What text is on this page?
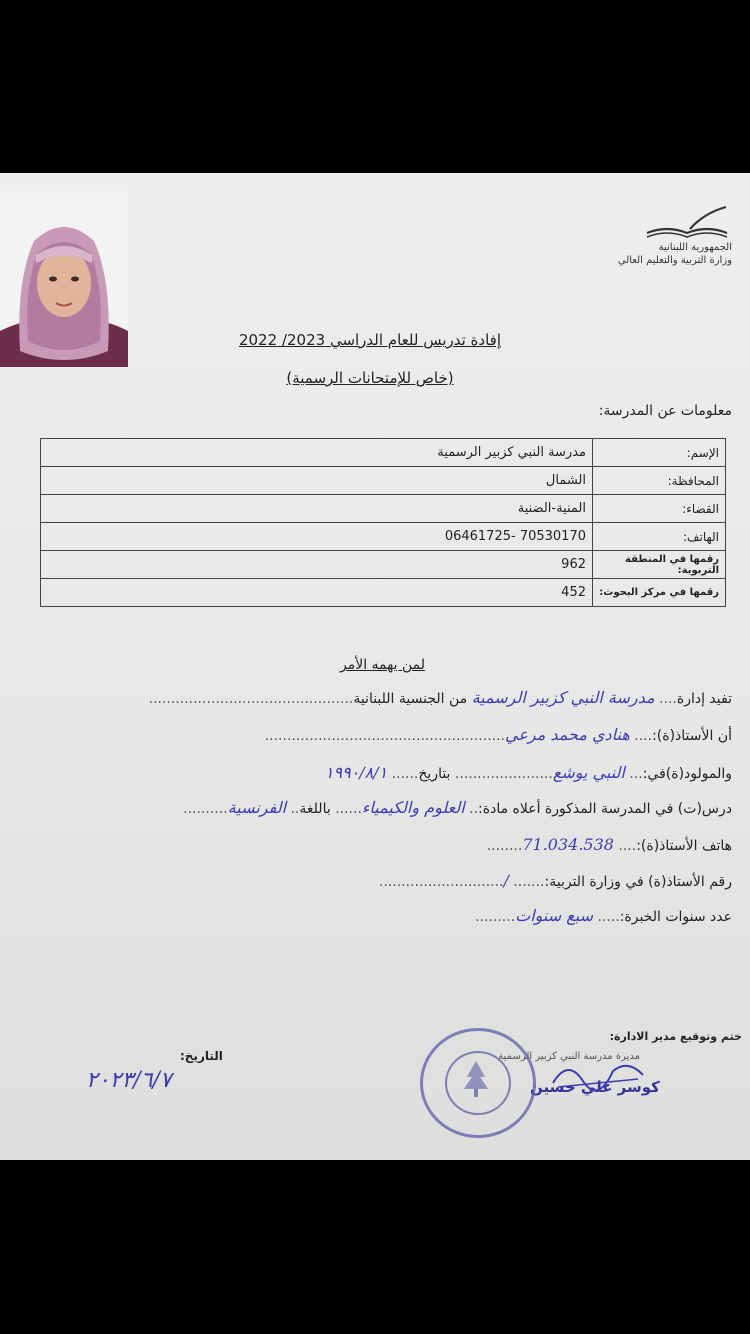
الجمهورية اللبنانية
وزارة التربية والتعليم العالي
إفادة تدريس للعام الدراسي 2023/ 2022
(خاص للإمتحانات الرسمية)
معلومات عن المدرسة:
الإسم:	مدرسة النبي كزبير الرسمية
المحافظة:	الشمال
القضاء:	المنية-الضنية
الهاتف:	70530170 -06461725
رقمها في المنطقة التربوية:	962
رقمها في مركز البحوث:	452
لمن يهمه الأمر
تفيد إدارة.... مدرسة النبي كزبير الرسمية من الجنسية اللبنانية..............................................
أن الأستاذ(ة):.... هنادي محمد مرعي......................................................
والمولود(ة)في:... النبي يوشع...................... بتاريخ...... ١٩٩٠/٨/١
درس(ت) في المدرسة المذكورة أعلاه مادة:.. العلوم والكيمياء...... باللغة.. الفرنسية..........
هاتف الأستاذ(ة):.... 71.034.538........
رقم الأستاذ(ة) في وزارة التربية:....... /............................
عدد سنوات الخبرة:..... سبع سنوات.........
ختم وتوقيع مدير الادارة:
مديرة مدرسة النبي كزبير الرسمية
كوسر علي حسين
التاريخ:
٢٠٢٣/٦/٧
